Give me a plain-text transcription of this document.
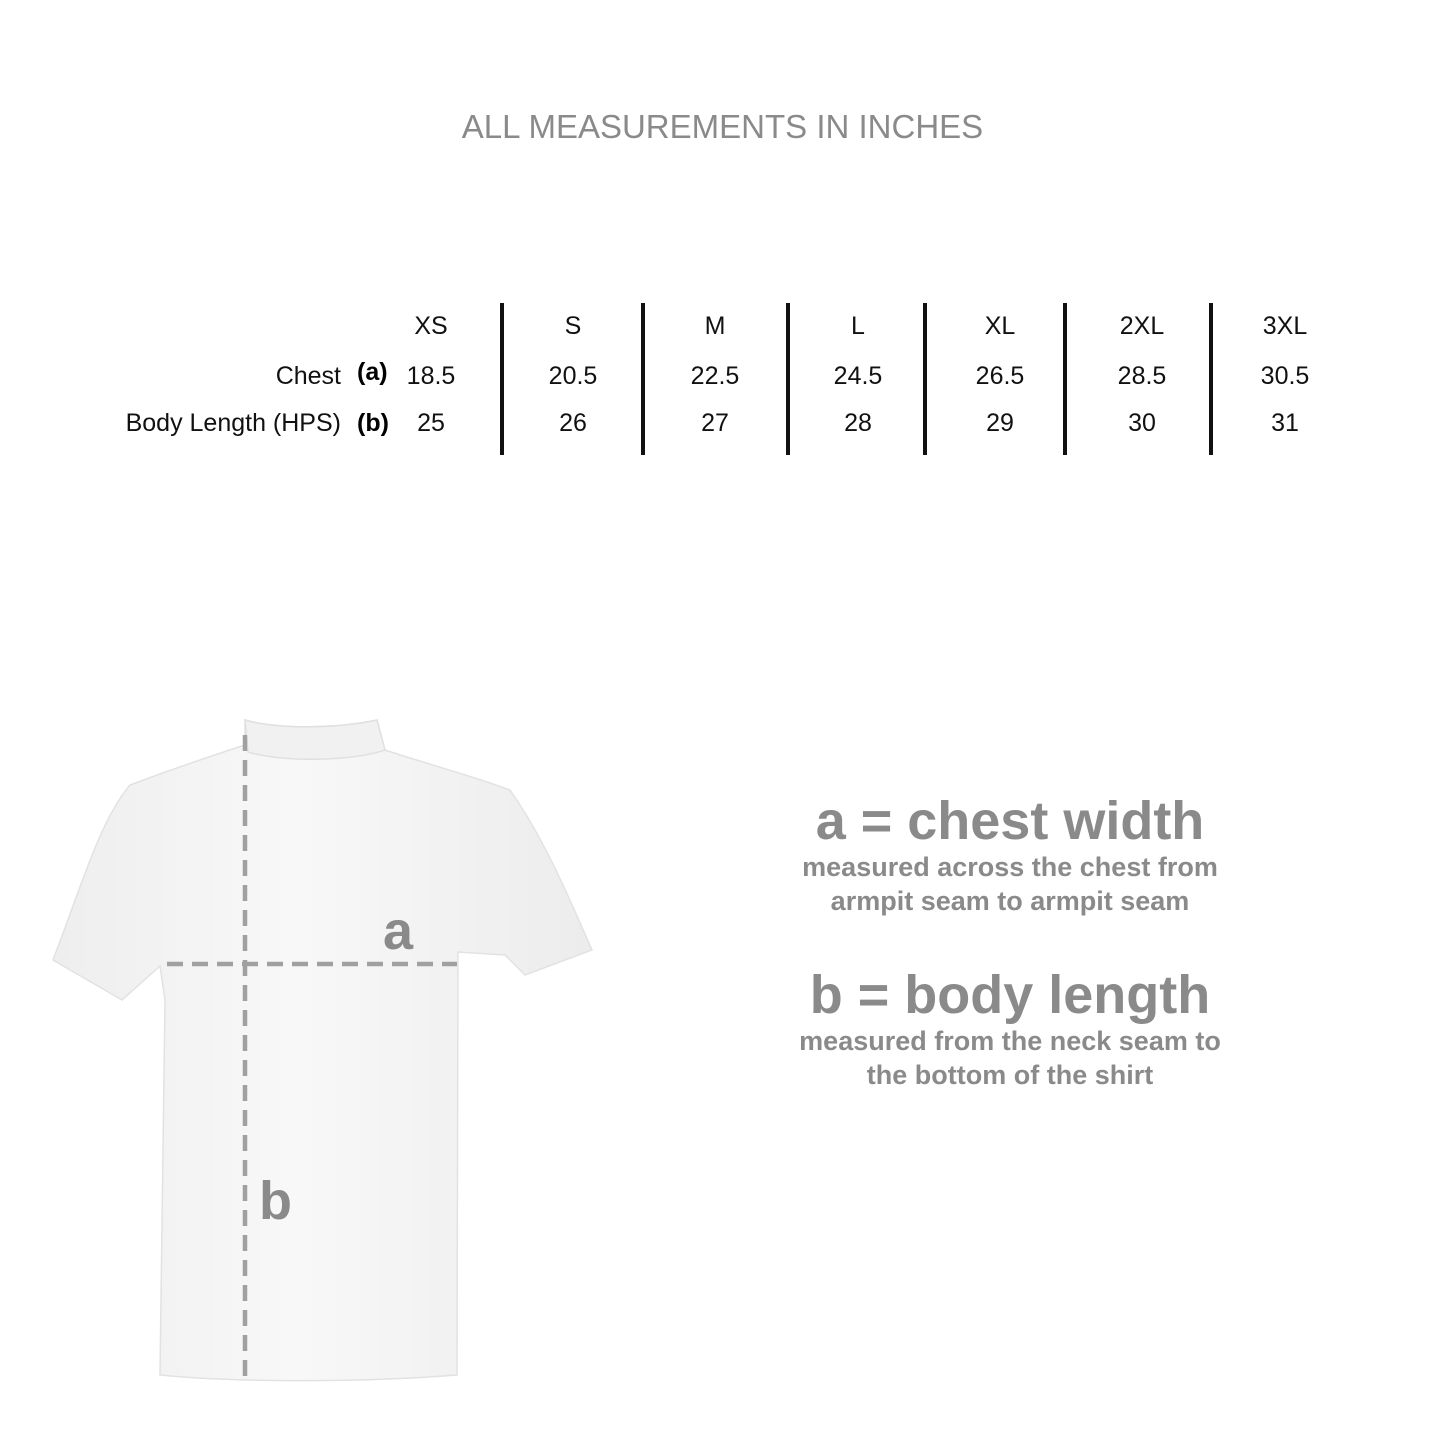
ALL MEASUREMENTS IN INCHES
XS	S	M	L	XL	2XL	3XL
Chest (a) 18.5	20.5	22.5	24.5	26.5	28.5	30.5
Body Length (HPS) (b) 25	26	27	28	29	30	31
a
b
a = chest width
measured across the chest from
armpit seam to armpit seam
b = body length
measured from the neck seam to
the bottom of the shirt
